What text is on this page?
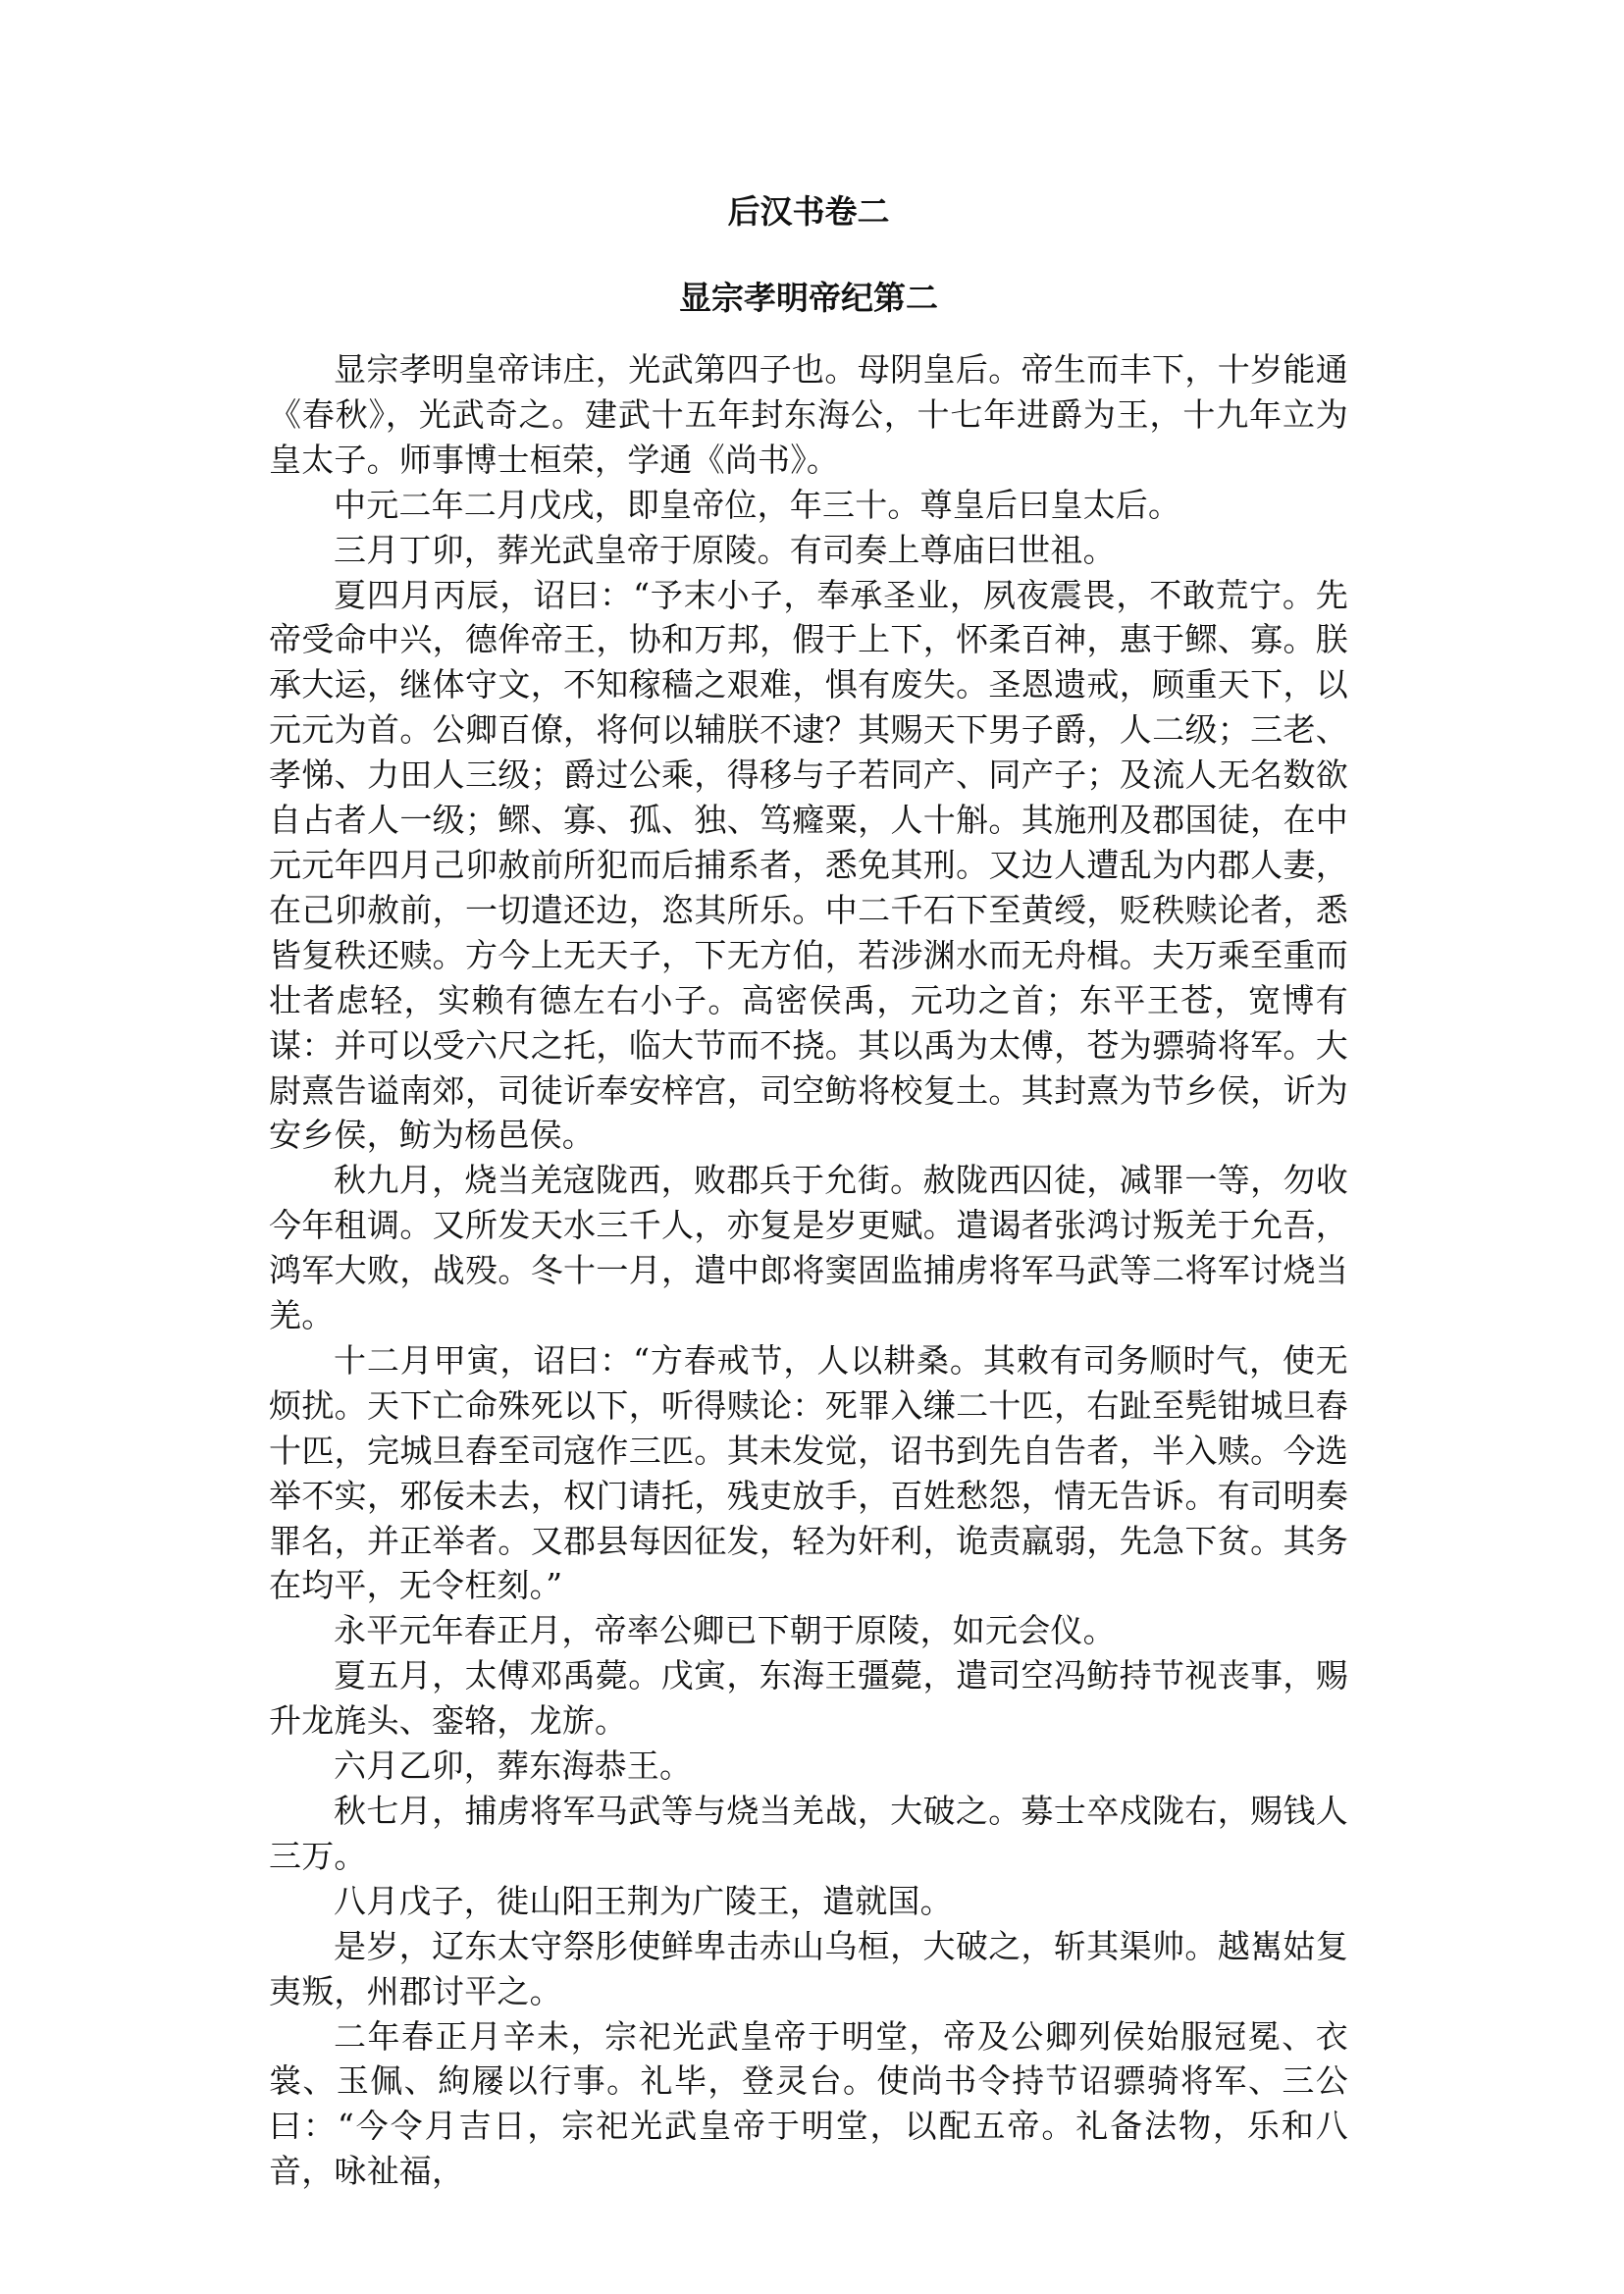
后汉书卷二
显宗孝明帝纪第二

显宗孝明皇帝讳庄，光武第四子也。母阴皇后。帝生而丰下，十岁能通《春秋》，光武奇之。建武十五年封东海公，十七年进爵为王，十九年立为皇太子。师事博士桓荣，学通《尚书》。

中元二年二月戊戌，即皇帝位，年三十。尊皇后曰皇太后。

三月丁卯，葬光武皇帝于原陵。有司奏上尊庙曰世祖。

夏四月丙辰，诏曰：“予末小子，奉承圣业，夙夜震畏，不敢荒宁。先帝受命中兴，德侔帝王，协和万邦，假于上下，怀柔百神，惠于鳏、寡。朕承大运，继体守文，不知稼穑之艰难，惧有废失。圣恩遗戒，顾重天下，以元元为首。公卿百僚，将何以辅朕不逮？其赐天下男子爵，人二级；三老、孝悌、力田人三级；爵过公乘，得移与子若同产、同产子；及流人无名数欲自占者人一级；鳏、寡、孤、独、笃癃粟，人十斛。其施刑及郡国徒，在中元元年四月己卯赦前所犯而后捕系者，悉免其刑。又边人遭乱为内郡人妻，在己卯赦前，一切遣还边，恣其所乐。中二千石下至黄绶，贬秩赎论者，悉皆复秩还赎。方今上无天子，下无方伯，若涉渊水而无舟楫。夫万乘至重而壮者虑轻，实赖有德左右小子。高密侯禹，元功之首；东平王苍，宽博有谋：并可以受六尺之托，临大节而不挠。其以禹为太傅，苍为骠骑将军。大尉熹告谥南郊，司徒䜣奉安梓宫，司空鲂将校复土。其封熹为节乡侯，䜣为安乡侯，鲂为杨邑侯。

秋九月，烧当羌寇陇西，败郡兵于允街。赦陇西囚徒，减罪一等，勿收今年租调。又所发天水三千人，亦复是岁更赋。遣谒者张鸿讨叛羌于允吾，鸿军大败，战殁。冬十一月，遣中郎将窦固监捕虏将军马武等二将军讨烧当羌。

十二月甲寅，诏曰：“方春戒节，人以耕桑。其敕有司务顺时气，使无烦扰。天下亡命殊死以下，听得赎论：死罪入缣二十匹，右趾至髡钳城旦舂十匹，完城旦舂至司寇作三匹。其未发觉，诏书到先自告者，半入赎。今选举不实，邪佞未去，权门请托，残吏放手，百姓愁怨，情无告诉。有司明奏罪名，并正举者。又郡县每因征发，轻为奸利，诡责羸弱，先急下贫。其务在均平，无令枉刻。”

永平元年春正月，帝率公卿已下朝于原陵，如元会仪。

夏五月，太傅邓禹薨。戊寅，东海王彊薨，遣司空冯鲂持节视丧事，赐升龙旄头、銮辂，龙旂。

六月乙卯，葬东海恭王。

秋七月，捕虏将军马武等与烧当羌战，大破之。募士卒戍陇右，赐钱人三万。

八月戊子，徙山阳王荆为广陵王，遣就国。

是岁，辽东太守祭肜使鲜卑击赤山乌桓，大破之，斩其渠帅。越嶲姑复夷叛，州郡讨平之。

二年春正月辛未，宗祀光武皇帝于明堂，帝及公卿列侯始服冠冕、衣裳、玉佩、絇屦以行事。礼毕，登灵台。使尚书令持节诏骠骑将军、三公曰：“今令月吉日，宗祀光武皇帝于明堂，以配五帝。礼备法物，乐和八音，咏祉福，
